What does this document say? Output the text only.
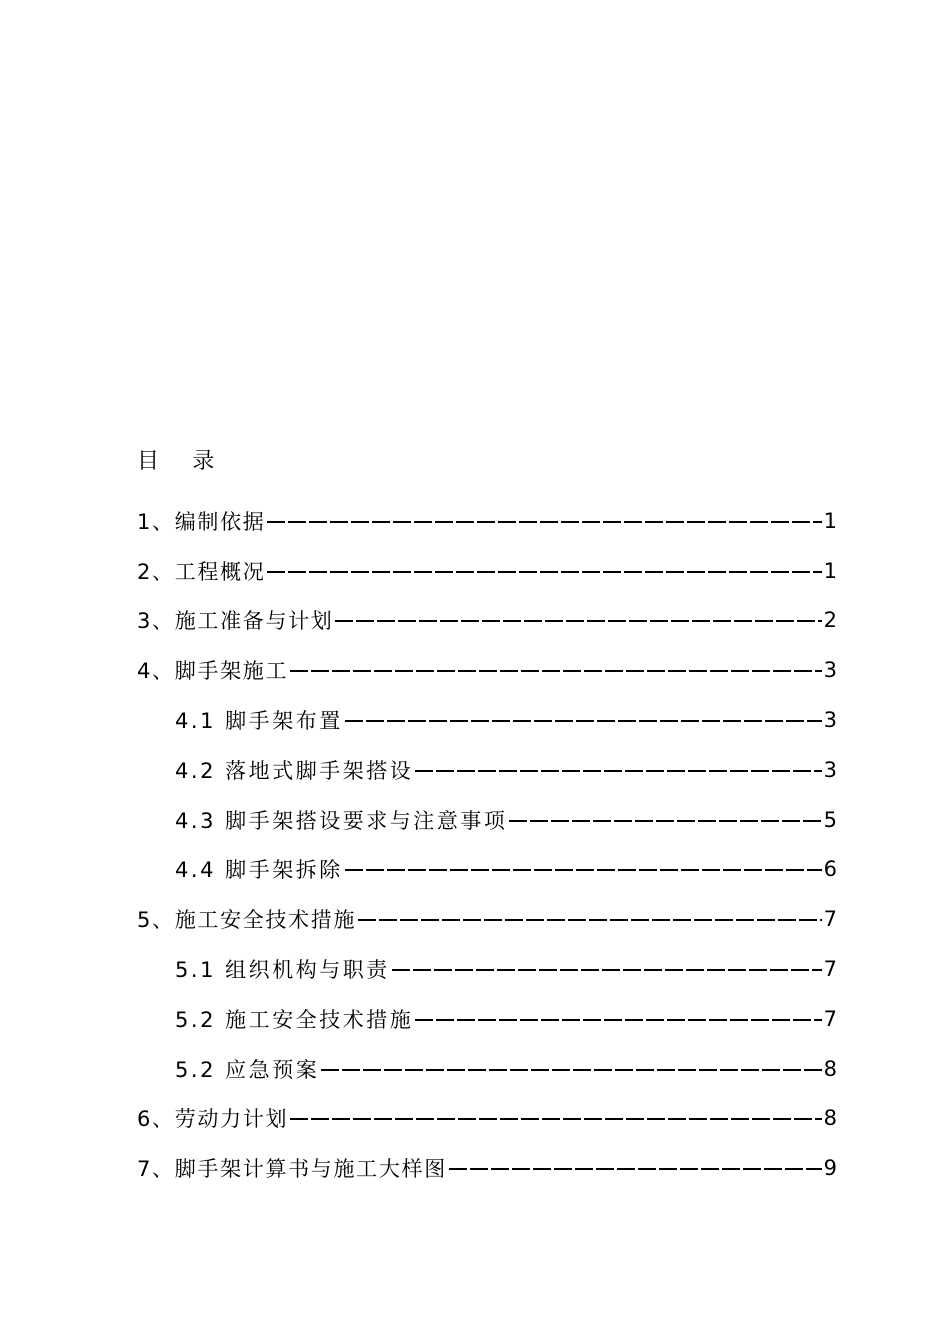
目 录
1、编制依据	1
2、工程概况	1
3、施工准备与计划	2
4、脚手架施工	3
4.1 脚手架布置	3
4.2 落地式脚手架搭设	3
4.3 脚手架搭设要求与注意事项	5
4.4 脚手架拆除	6
5、施工安全技术措施	7
5.1 组织机构与职责	7
5.2 施工安全技术措施	7
5.2 应急预案	8
6、劳动力计划	8
7、脚手架计算书与施工大样图	9
